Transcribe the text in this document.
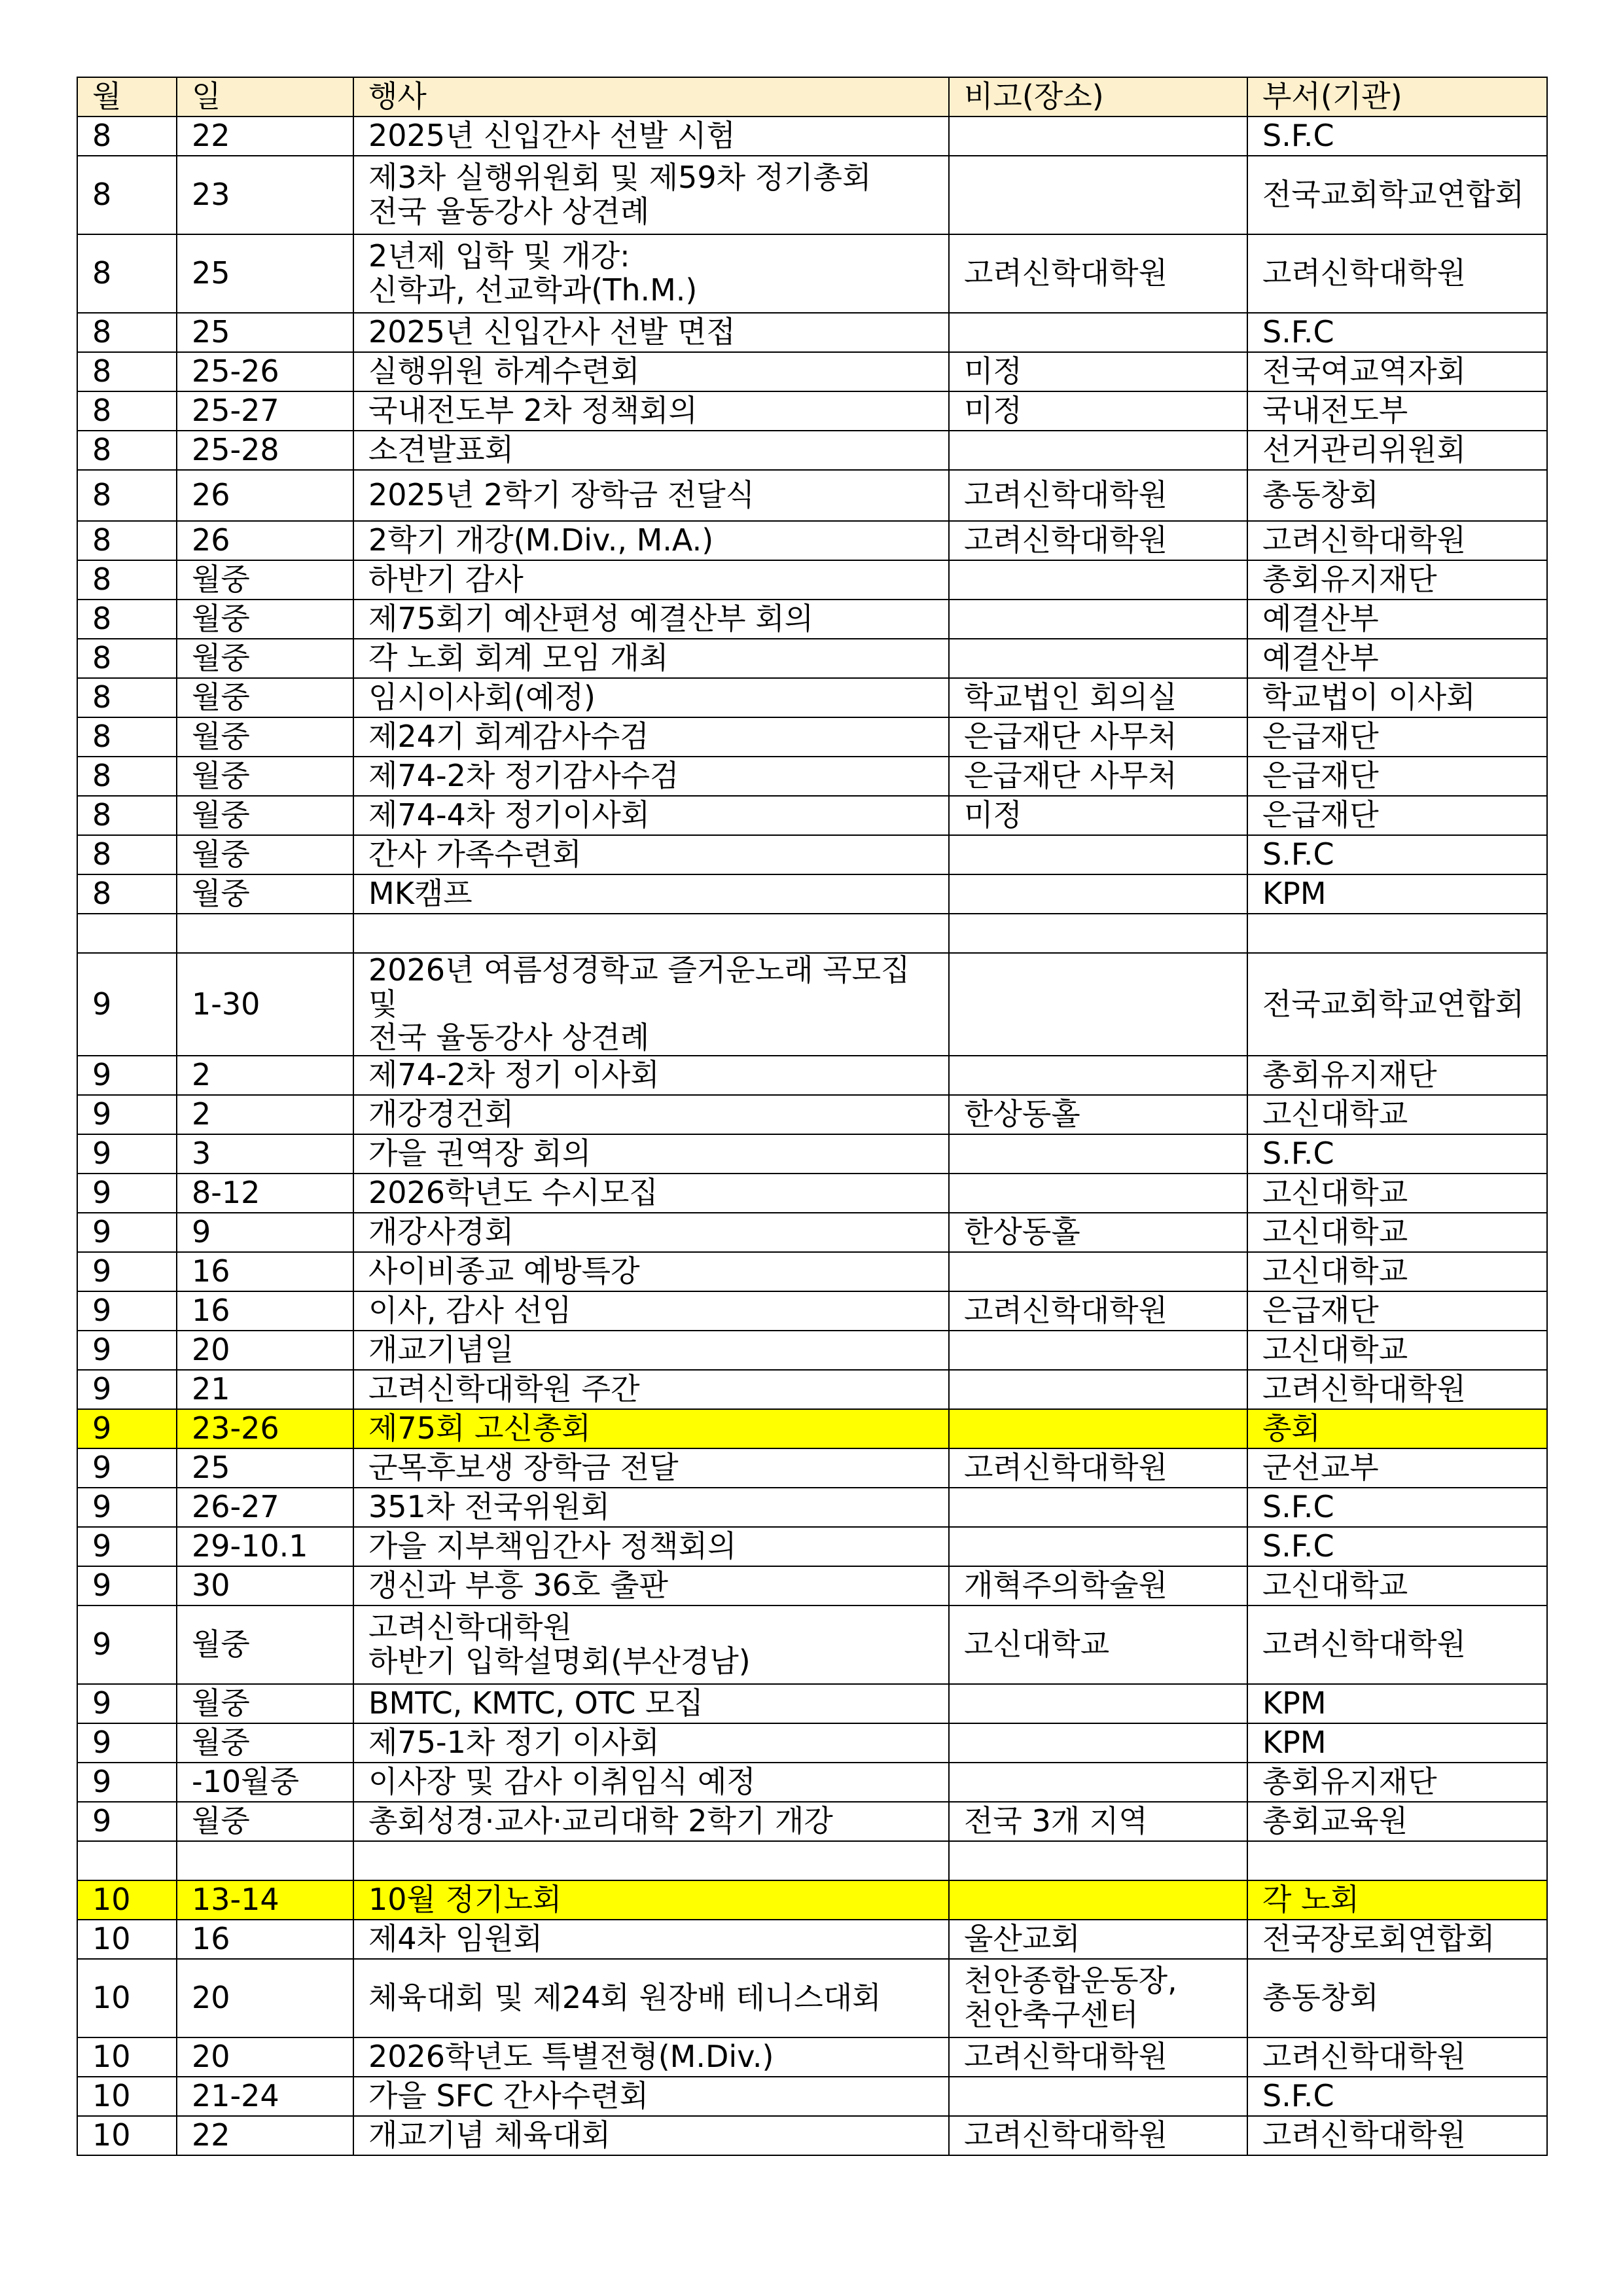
월	일	행사	비고(장소)	부서(기관)
8	22	2025년 신입간사 선발 시험		S.F.C
8	23	제3차 실행위원회 및 제59차 정기총회
전국 율동강사 상견례		전국교회학교연합회
8	25	2년제 입학 및 개강:
신학과, 선교학과(Th.M.)	고려신학대학원	고려신학대학원
8	25	2025년 신입간사 선발 면접		S.F.C
8	25-26	실행위원 하계수련회	미정	전국여교역자회
8	25-27	국내전도부 2차 정책회의	미정	국내전도부
8	25-28	소견발표회		선거관리위원회
8	26	2025년 2학기 장학금 전달식	고려신학대학원	총동창회
8	26	2학기 개강(M.Div., M.A.)	고려신학대학원	고려신학대학원
8	월중	하반기 감사		총회유지재단
8	월중	제75회기 예산편성 예결산부 회의		예결산부
8	월중	각 노회 회계 모임 개최		예결산부
8	월중	임시이사회(예정)	학교법인 회의실	학교법이 이사회
8	월중	제24기 회계감사수검	은급재단 사무처	은급재단
8	월중	제74-2차 정기감사수검	은급재단 사무처	은급재단
8	월중	제74-4차 정기이사회	미정	은급재단
8	월중	간사 가족수련회		S.F.C
8	월중	MK캠프		KPM

9	1-30	2026년 여름성경학교 즐거운노래 곡모집 및
전국 율동강사 상견례		전국교회학교연합회
9	2	제74-2차 정기 이사회		총회유지재단
9	2	개강경건회	한상동홀	고신대학교
9	3	가을 권역장 회의		S.F.C
9	8-12	2026학년도 수시모집		고신대학교
9	9	개강사경회	한상동홀	고신대학교
9	16	사이비종교 예방특강		고신대학교
9	16	이사, 감사 선임	고려신학대학원	은급재단
9	20	개교기념일		고신대학교
9	21	고려신학대학원 주간		고려신학대학원
9	23-26	제75회 고신총회		총회
9	25	군목후보생 장학금 전달	고려신학대학원	군선교부
9	26-27	351차 전국위원회		S.F.C
9	29-10.1	가을 지부책임간사 정책회의		S.F.C
9	30	갱신과 부흥 36호 출판	개혁주의학술원	고신대학교
9	월중	고려신학대학원
하반기 입학설명회(부산경남)	고신대학교	고려신학대학원
9	월중	BMTC, KMTC, OTC 모집		KPM
9	월중	제75-1차 정기 이사회		KPM
9	-10월중	이사장 및 감사 이취임식 예정		총회유지재단
9	월중	총회성경·교사·교리대학 2학기 개강	전국 3개 지역	총회교육원

10	13-14	10월 정기노회		각 노회
10	16	제4차 임원회	울산교회	전국장로회연합회
10	20	체육대회 및 제24회 원장배 테니스대회	천안종합운동장,
천안축구센터	총동창회
10	20	2026학년도 특별전형(M.Div.)	고려신학대학원	고려신학대학원
10	21-24	가을 SFC 간사수련회		S.F.C
10	22	개교기념 체육대회	고려신학대학원	고려신학대학원
